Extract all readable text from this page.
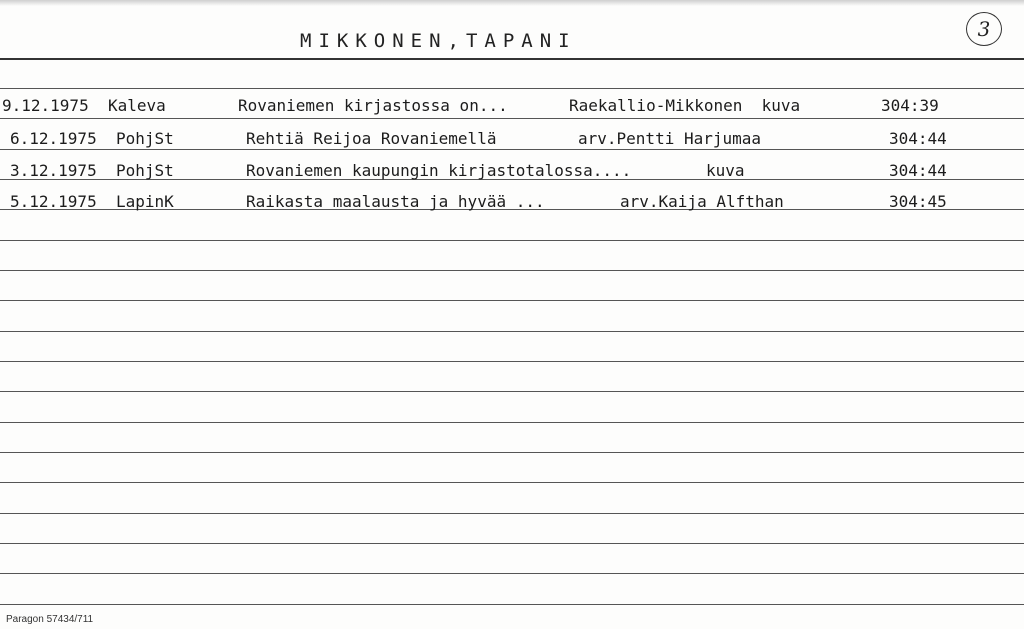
MIKKONEN,TAPANI	3
9.12.1975 Kaleva	Rovaniemen kirjastossa on...	Raekallio-Mikkonen  kuva	304:39
6.12.1975 PohjSt	Rehtiä Reijoa Rovaniemellä	arv.Pentti Harjumaa	304:44
3.12.1975 PohjSt	Rovaniemen kaupungin kirjastotalossa....	kuva	304:44
5.12.1975 LapinK	Raikasta maalausta ja hyvää ...	arv.Kaija Alfthan	304:45
Paragon 57434/711
